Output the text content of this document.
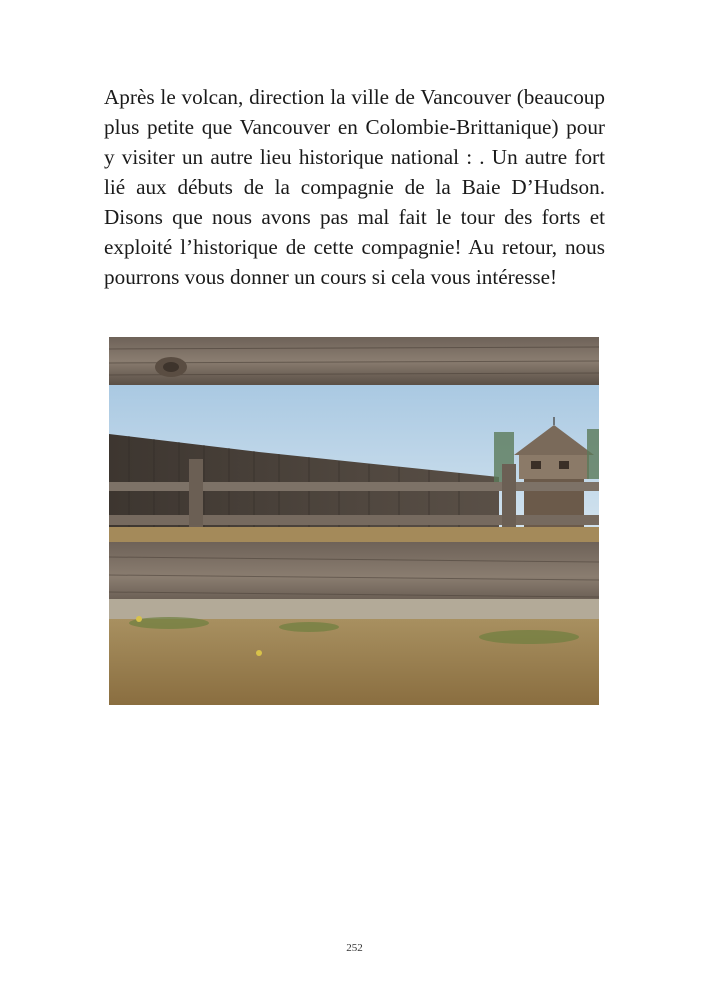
Après le volcan, direction la ville de Vancouver (beaucoup plus petite que Vancouver en Colombie-Brittanique) pour y visiter un autre lieu historique national : . Un autre fort lié aux débuts de la compagnie de la Baie D’Hudson. Disons que nous avons pas mal fait le tour des forts et exploité l’historique de cette compagnie! Au retour, nous pourrons vous donner un cours si cela vous intéresse!

252
